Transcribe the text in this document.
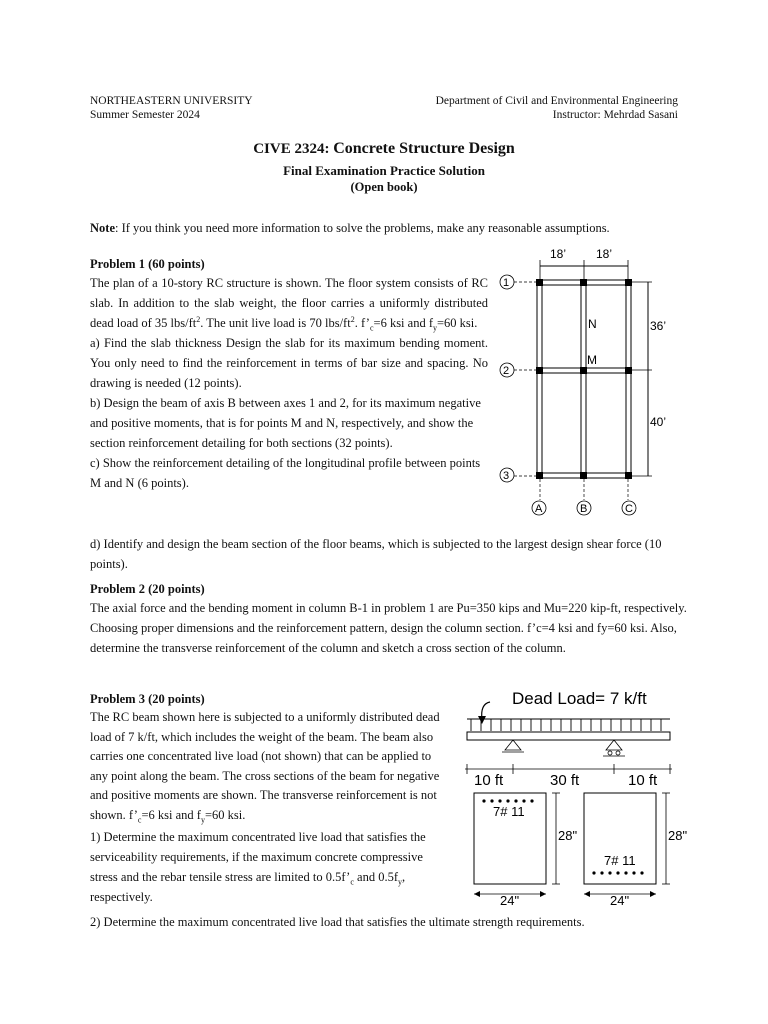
NORTHEASTERN UNIVERSITY
Summer Semester 2024
Department of Civil and Environmental Engineering
Instructor: Mehrdad Sasani
CIVE 2324: Concrete Structure Design
Final Examination Practice Solution
(Open book)
Note: If you think you need more information to solve the problems, make any reasonable assumptions.

Problem 1 (60 points)

The plan of a 10-story RC structure is shown. The floor system consists of RC slab. In addition to the slab weight, the floor carries a uniformly distributed dead load of 35 lbs/$ft^2$. The unit live load is 70 lbs/$ft^2$. $f’_c=6$ ksi and $f_y=60$ ksi.

a) Find the slab thickness Design the slab for its maximum bending moment. You only need to find the reinforcement in terms of bar size and spacing. No drawing is needed (12 points).

b) Design the beam of axis B between axes 1 and 2, for its maximum negative and positive moments, that is for points M and N, respectively, and show the section reinforcement detailing for both sections (32 points).

c) Show the reinforcement detailing of the longitudinal profile between points M and N (6 points).

d) Identify and design the beam section of the floor beams, which is subjected to the largest design shear force (10 points).
18’ 18’
36’
40’
1
2
3
A	B	C
N
M

Problem 2 (20 points)

The axial force and the bending moment in column B-1 in problem 1 are Pu=350 kips and Mu=220 kip-ft, respectively. Choosing proper dimensions and the reinforcement pattern, design the column section. f’c=4 ksi and fy=60 ksi. Also, determine the transverse reinforcement of the column and sketch a cross section of the column.

Problem 3 (20 points)

The RC beam shown here is subjected to a uniformly distributed dead load of 7 k/ft, which includes the weight of the beam. The beam also carries one concentrated live load (not shown) that can be applied to any point along the beam. The cross sections of the beam for negative and positive moments are shown. The transverse reinforcement is not shown. $f’_c=6$ ksi and $f_y=60$ ksi.

1) Determine the maximum concentrated live load that satisfies the serviceability requirements, if the maximum concrete compressive stress and the rebar tensile stress are limited to $0.5f’_c$ and $0.5f_y$, respectively.

2) Determine the maximum concentrated live load that satisfies the ultimate strength requirements.
Dead Load= 7 k/ft
10 ft	30 ft	10 ft
7# 11
28"
24"
7# 11
28"
24"
